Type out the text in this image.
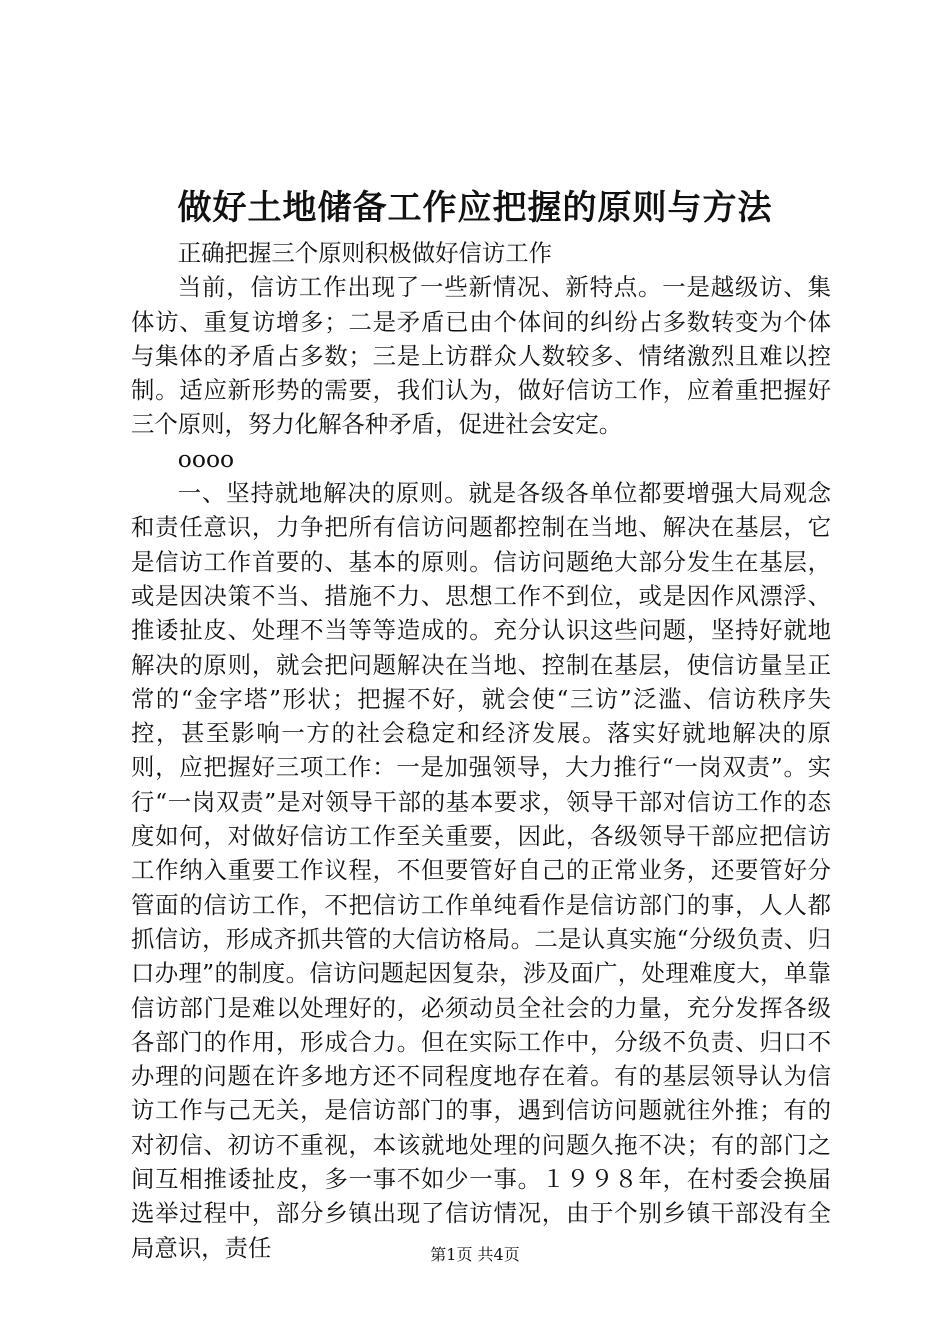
做好土地储备工作应把握的原则与方法

正确把握三个原则积极做好信访工作

当前，信访工作出现了一些新情况、新特点。一是越级访、集体访、重复访增多；二是矛盾已由个体间的纠纷占多数转变为个体与集体的矛盾占多数；三是上访群众人数较多、情绪激烈且难以控制。适应新形势的需要，我们认为，做好信访工作，应着重把握好三个原则，努力化解各种矛盾，促进社会安定。

oooo

一、坚持就地解决的原则。就是各级各单位都要增强大局观念和责任意识，力争把所有信访问题都控制在当地、解决在基层，它是信访工作首要的、基本的原则。信访问题绝大部分发生在基层，或是因决策不当、措施不力、思想工作不到位，或是因作风漂浮、推诿扯皮、处理不当等等造成的。充分认识这些问题，坚持好就地解决的原则，就会把问题解决在当地、控制在基层，使信访量呈正常的“金字塔”形状；把握不好，就会使“三访”泛滥、信访秩序失控，甚至影响一方的社会稳定和经济发展。落实好就地解决的原则，应把握好三项工作：一是加强领导，大力推行“一岗双责”。实行“一岗双责”是对领导干部的基本要求，领导干部对信访工作的态度如何，对做好信访工作至关重要，因此，各级领导干部应把信访工作纳入重要工作议程，不但要管好自己的正常业务，还要管好分管面的信访工作，不把信访工作单纯看作是信访部门的事，人人都抓信访，形成齐抓共管的大信访格局。二是认真实施“分级负责、归口办理”的制度。信访问题起因复杂，涉及面广，处理难度大，单靠信访部门是难以处理好的，必须动员全社会的力量，充分发挥各级各部门的作用，形成合力。但在实际工作中，分级不负责、归口不办理的问题在许多地方还不同程度地存在着。有的基层领导认为信访工作与己无关，是信访部门的事，遇到信访问题就往外推；有的对初信、初访不重视，本该就地处理的问题久拖不决；有的部门之间互相推诿扯皮，多一事不如少一事。１９９８年，在村委会换届选举过程中，部分乡镇出现了信访情况，由于个别乡镇干部没有全局意识，责任	第1页 共4页
